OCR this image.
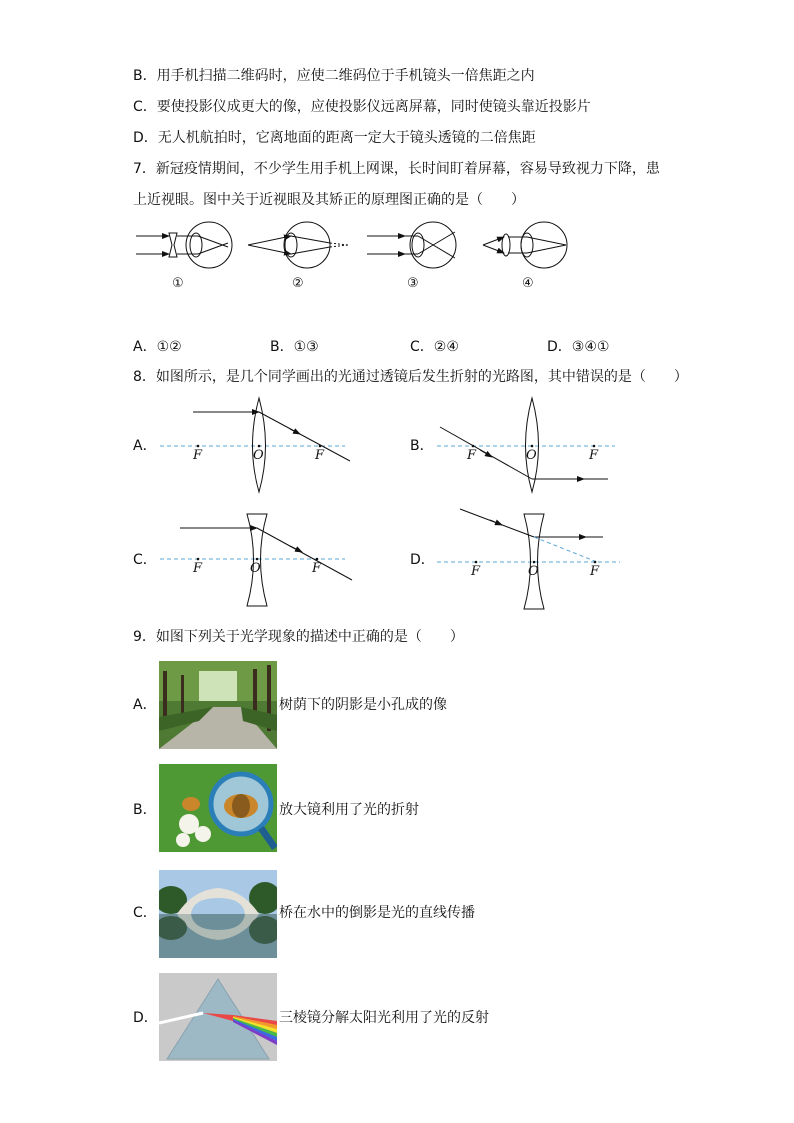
B．用手机扫描二维码时，应使二维码位于手机镜头一倍焦距之内
C．要使投影仪成更大的像，应使投影仪远离屏幕，同时使镜头靠近投影片
D．无人机航拍时，它离地面的距离一定大于镜头透镜的二倍焦距
7．新冠疫情期间，不少学生用手机上网课，长时间盯着屏幕，容易导致视力下降，患
上近视眼。图中关于近视眼及其矫正的原理图正确的是（　　）
①	②	③	④
A．①②	B．①③	C．②④	D．③④①
8．如图所示，是几个同学画出的光通过透镜后发生折射的光路图，其中错误的是（　　）
A．	B．
C．	D．
F	O	F	F	O	F
F	O	F	F	O	F
9．如图下列关于光学现象的描述中正确的是（　　）
A．	树荫下的阴影是小孔成的像
B．	放大镜利用了光的折射
C．	桥在水中的倒影是光的直线传播
D．	三棱镜分解太阳光利用了光的反射
